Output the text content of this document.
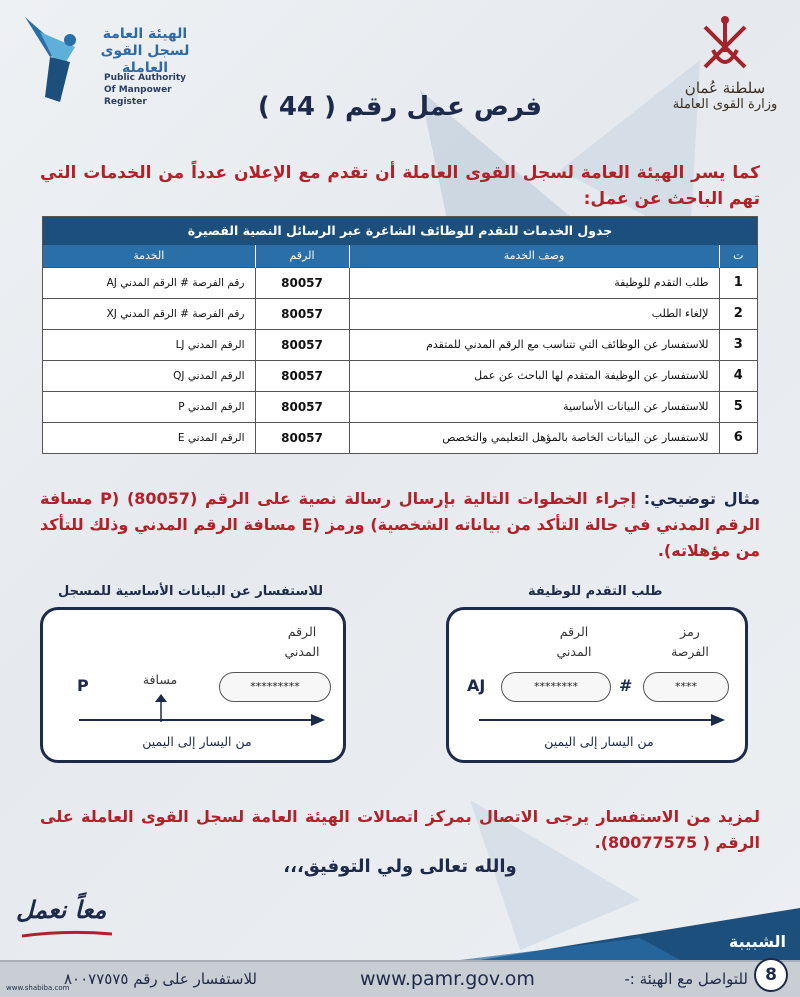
الهيئة العامة لسجل القوى العاملة
Public Authority
Of Manpower Register
سلطنة عُمان
وزارة القوى العاملة
فرص عمل رقم ( 44 )
كما يسر الهيئة العامة لسجل القوى العاملة أن تقدم مع الإعلان عدداً من الخدمات التي تهم الباحث عن عمل:
جدول الخدمات للتقدم للوظائف الشاغرة عبر الرسائل النصية القصيرة
ت	وصف الخدمة	الرقم	الخدمة
1	طلب التقدم للوظيفة	80057	رقم الفرصة # الرقم المدني AJ
2	لإلغاء الطلب	80057	رقم الفرصة # الرقم المدني XJ
3	للاستفسار عن الوظائف التي تتناسب مع الرقم المدني للمتقدم	80057	الرقم المدني LJ
4	للاستفسار عن الوظيفة المتقدم لها الباحث عن عمل	80057	الرقم المدني QJ
5	للاستفسار عن البيانات الأساسية	80057	الرقم المدني P
6	للاستفسار عن البيانات الخاصة بالمؤهل التعليمي والتخصص	80057	الرقم المدني E
مثال توضيحي: إجراء الخطوات التالية بإرسال رسالة نصية على الرقم (80057) (P مسافة الرقم المدني في حالة التأكد من بياناته الشخصية) ورمز (E مسافة الرقم المدني وذلك للتأكد من مؤهلاته).
للاستفسار عن البيانات الأساسية للمسجل	طلب التقدم للوظيفة
الرقم
المدني
*********
مسافة
P
من اليسار إلى اليمين
رمز
الفرصة
الرقم
المدني
****
#
********
AJ
من اليسار إلى اليمين
لمزيد من الاستفسار يرجى الاتصال بمركز اتصالات الهيئة العامة لسجل القوى العاملة على الرقم ( 80077575).
والله تعالى ولي التوفيق،،،
معاً نعمل
الشبيبة
www.shabiba.com
للاستفسار على رقم ٨٠٠٧٧٥٧٥	www.pamr.gov.om	للتواصل مع الهيئة :-	8
